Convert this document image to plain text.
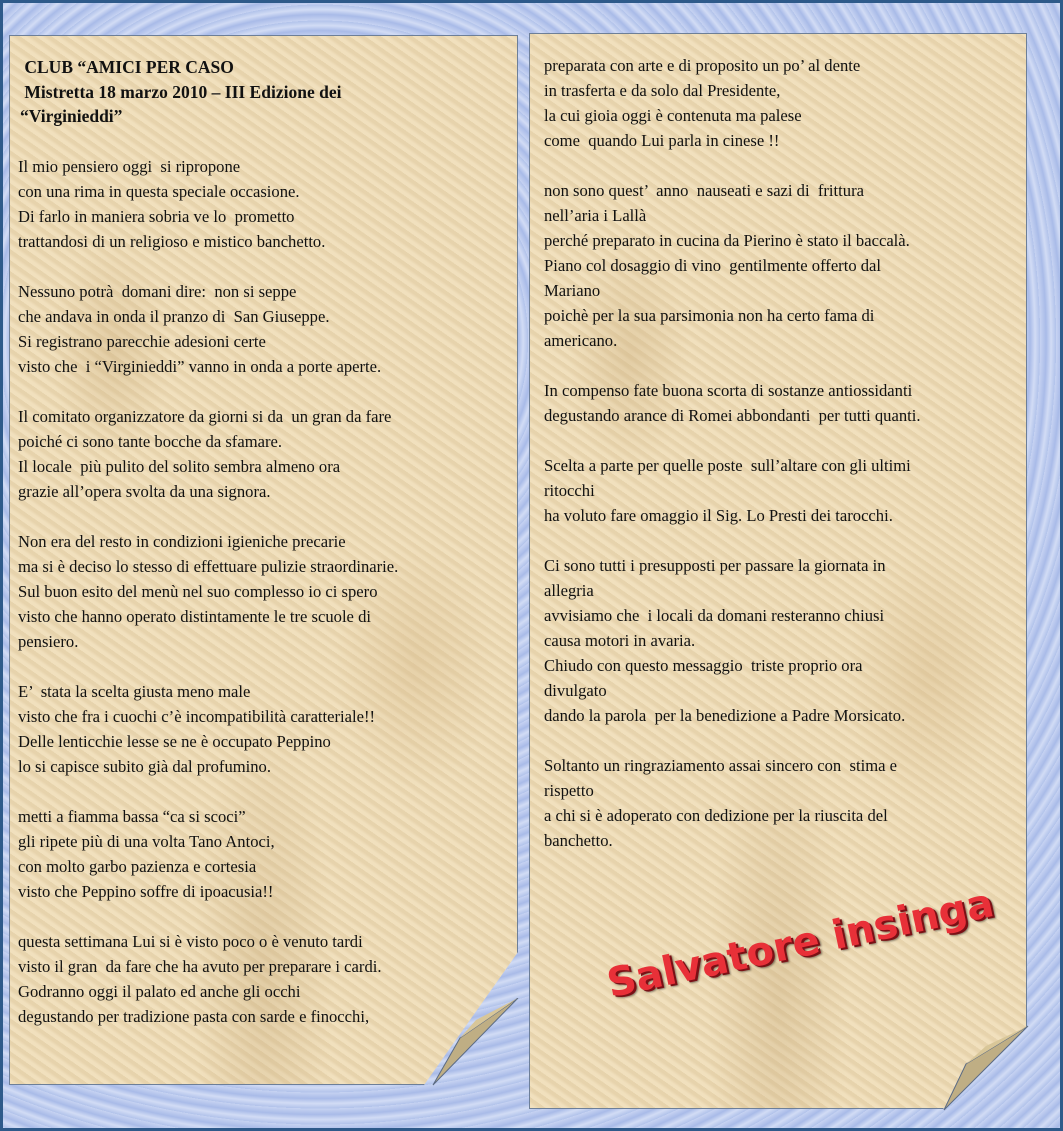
CLUB “AMICI PER CASO
Mistretta 18 marzo 2010 – III Edizione dei
“Virginieddi”
Il mio pensiero oggi  si ripropone
con una rima in questa speciale occasione.
Di farlo in maniera sobria ve lo  prometto
trattandosi di un religioso e mistico banchetto.
Nessuno potrà  domani dire:  non si seppe
che andava in onda il pranzo di  San Giuseppe.
Si registrano parecchie adesioni certe
visto che  i “Virginieddi” vanno in onda a porte aperte.
Il comitato organizzatore da giorni si da  un gran da fare
poiché ci sono tante bocche da sfamare.
Il locale  più pulito del solito sembra almeno ora
grazie all’opera svolta da una signora.
Non era del resto in condizioni igieniche precarie
ma si è deciso lo stesso di effettuare pulizie straordinarie.
Sul buon esito del menù nel suo complesso io ci spero
visto che hanno operato distintamente le tre scuole di
pensiero.
E’  stata la scelta giusta meno male
visto che fra i cuochi c’è incompatibilità caratteriale!!
Delle lenticchie lesse se ne è occupato Peppino
lo si capisce subito già dal profumino.
metti a fiamma bassa “ca si scoci”
gli ripete più di una volta Tano Antoci,
con molto garbo pazienza e cortesia
visto che Peppino soffre di ipoacusia!!
questa settimana Lui si è visto poco o è venuto tardi
visto il gran  da fare che ha avuto per preparare i cardi.
Godranno oggi il palato ed anche gli occhi
degustando per tradizione pasta con sarde e finocchi,
preparata con arte e di proposito un po’ al dente
in trasferta e da solo dal Presidente,
la cui gioia oggi è contenuta ma palese
come  quando Lui parla in cinese !!
non sono quest’  anno  nauseati e sazi di  frittura
nell’aria i Lallà
perché preparato in cucina da Pierino è stato il baccalà.
Piano col dosaggio di vino  gentilmente offerto dal
Mariano
poichè per la sua parsimonia non ha certo fama di
americano.
In compenso fate buona scorta di sostanze antiossidanti
degustando arance di Romei abbondanti  per tutti quanti.
Scelta a parte per quelle poste  sull’altare con gli ultimi
ritocchi
ha voluto fare omaggio il Sig. Lo Presti dei tarocchi.
Ci sono tutti i presupposti per passare la giornata in
allegria
avvisiamo che  i locali da domani resteranno chiusi
causa motori in avaria.
Chiudo con questo messaggio  triste proprio ora
divulgato
dando la parola  per la benedizione a Padre Morsicato.
Soltanto un ringraziamento assai sincero con  stima e
rispetto
a chi si è adoperato con dedizione per la riuscita del
banchetto.
Salvatore insinga
